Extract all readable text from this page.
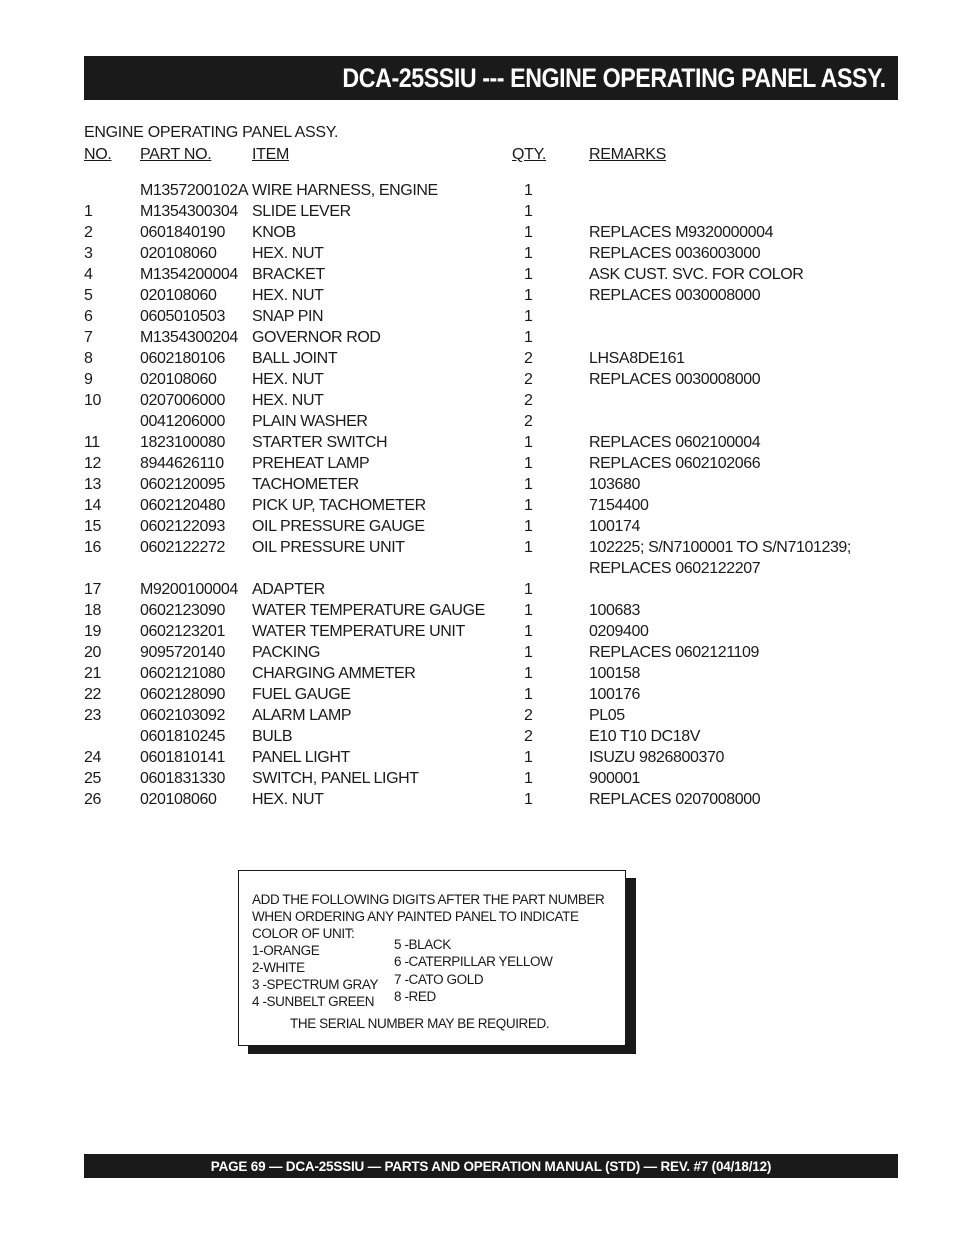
DCA-25SSIU --- ENGINE OPERATING PANEL ASSY.
ENGINE OPERATING PANEL ASSY.
NO. PART NO.	ITEM	QTY.	REMARKS
M1357200102A WIRE HARNESS, ENGINE	1
1	M1354300304 SLIDE LEVER	1
2	0601840190 KNOB	1	REPLACES M9320000004
3	020108060 HEX. NUT	1	REPLACES 0036003000
4	M1354200004 BRACKET	1	ASK CUST. SVC. FOR COLOR
5	020108060 HEX. NUT	1	REPLACES 0030008000
6	0605010503 SNAP PIN	1
7	M1354300204 GOVERNOR ROD	1
8	0602180106 BALL JOINT	2	LHSA8DE161
9	020108060 HEX. NUT	2	REPLACES 0030008000
10 0207006000 HEX. NUT	2
0041206000 PLAIN WASHER	2
11	1823100080 STARTER SWITCH	1	REPLACES 0602100004
12 8944626110 PREHEAT LAMP	1	REPLACES 0602102066
13 0602120095 TACHOMETER	1	103680
14 0602120480 PICK UP, TACHOMETER	1	7154400
15 0602122093 OIL PRESSURE GAUGE	1	100174
16 0602122272 OIL PRESSURE UNIT	1	102225; S/N7100001 TO S/N7101239;
REPLACES 0602122207
17 M9200100004 ADAPTER	1
18 0602123090 WATER TEMPERATURE GAUGE 1	100683
19 0602123201 WATER TEMPERATURE UNIT	1	0209400
20 9095720140 PACKING	1	REPLACES 0602121109
21 0602121080 CHARGING AMMETER	1	100158
22 0602128090 FUEL GAUGE	1	100176
23 0602103092 ALARM LAMP	2	PL05
0601810245 BULB	2	E10 T10 DC18V
24 0601810141 PANEL LIGHT	1	ISUZU 9826800370
25 0601831330 SWITCH, PANEL LIGHT	1	900001
26 020108060 HEX. NUT	1	REPLACES 0207008000
ADD THE FOLLOWING DIGITS AFTER THE PART NUMBER
WHEN ORDERING ANY PAINTED PANEL TO INDICATE
COLOR OF UNIT:
1-ORANGE
2-WHITE
3 -SPECTRUM GRAY
4 -SUNBELT GREEN
5 -BLACK
6 -CATERPILLAR YELLOW
7 -CATO GOLD
8 -RED
THE SERIAL NUMBER MAY BE REQUIRED.
PAGE 69 — DCA-25SSIU — PARTS AND OPERATION MANUAL (STD) — REV. #7 (04/18/12)
